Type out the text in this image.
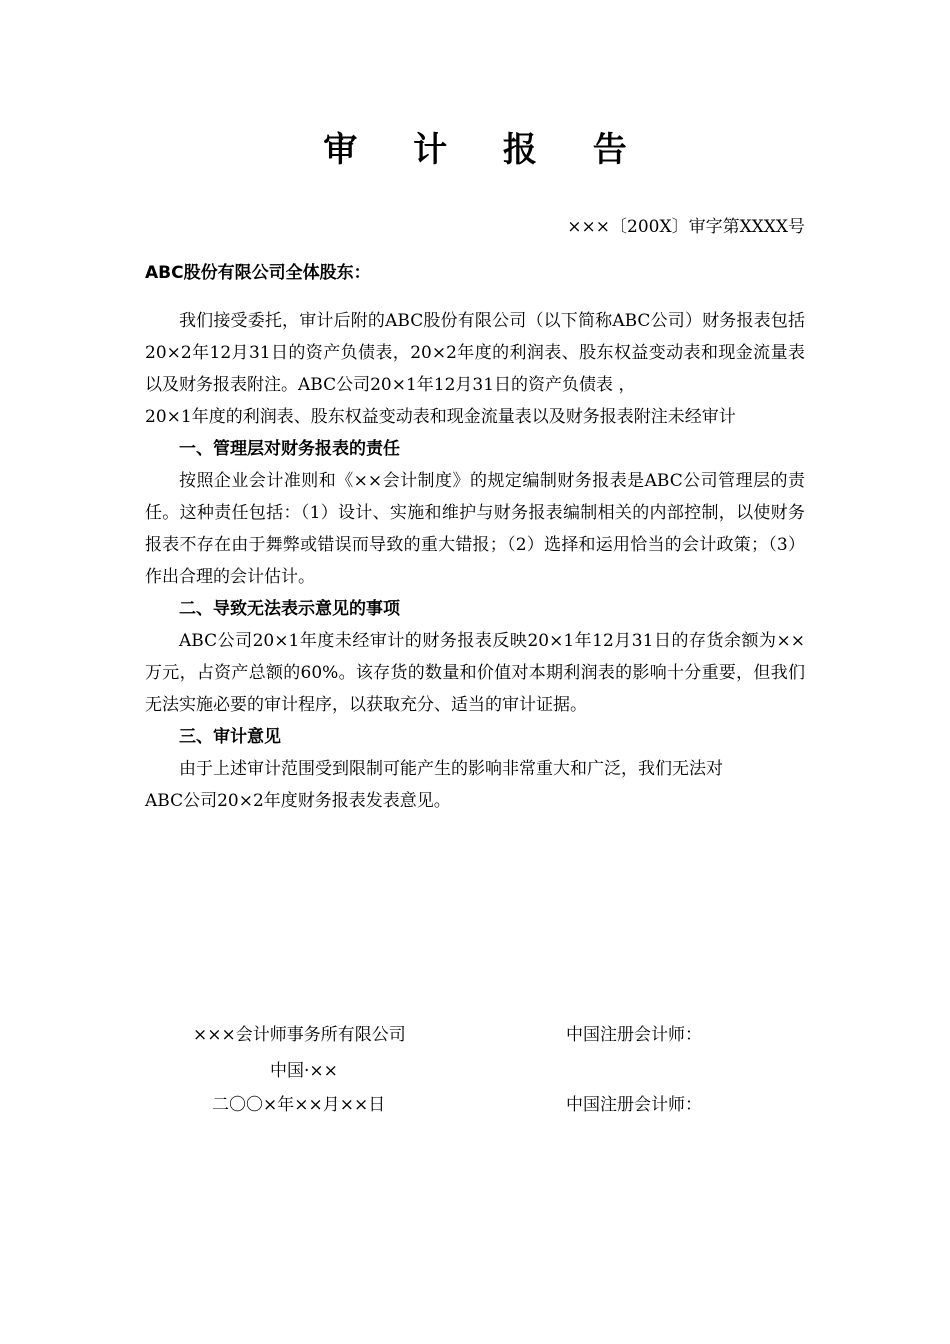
审 计 报 告
×××〔200X〕审字第XXXX号
ABC股份有限公司全体股东：

我们接受委托，审计后附的ABC股份有限公司（以下简称ABC公司）财务报表包括20×2年12月31日的资产负债表，20×2年度的利润表、股东权益变动表和现金流量表以及财务报表附注。ABC公司20×1年12月31日的资产负债表 ，

20×1年度的利润表、股东权益变动表和现金流量表以及财务报表附注未经审计

一、管理层对财务报表的责任

按照企业会计准则和《××会计制度》的规定编制财务报表是ABC公司管理层的责任。这种责任包括：（1）设计、实施和维护与财务报表编制相关的内部控制，以使财务报表不存在由于舞弊或错误而导致的重大错报；（2）选择和运用恰当的会计政策；（3）作出合理的会计估计。

二、导致无法表示意见的事项

ABC公司20×1年度未经审计的财务报表反映20×1年12月31日的存货余额为××万元，占资产总额的60%。该存货的数量和价值对本期利润表的影响十分重要，但我们无法实施必要的审计程序，以获取充分、适当的审计证据。

三、审计意见

由于上述审计范围受到限制可能产生的影响非常重大和广泛，我们无法对

ABC公司20×2年度财务报表发表意见。

×××会计师事务所有限公司
中国·××
二〇〇×年××月××日
中国注册会计师：
中国注册会计师：
